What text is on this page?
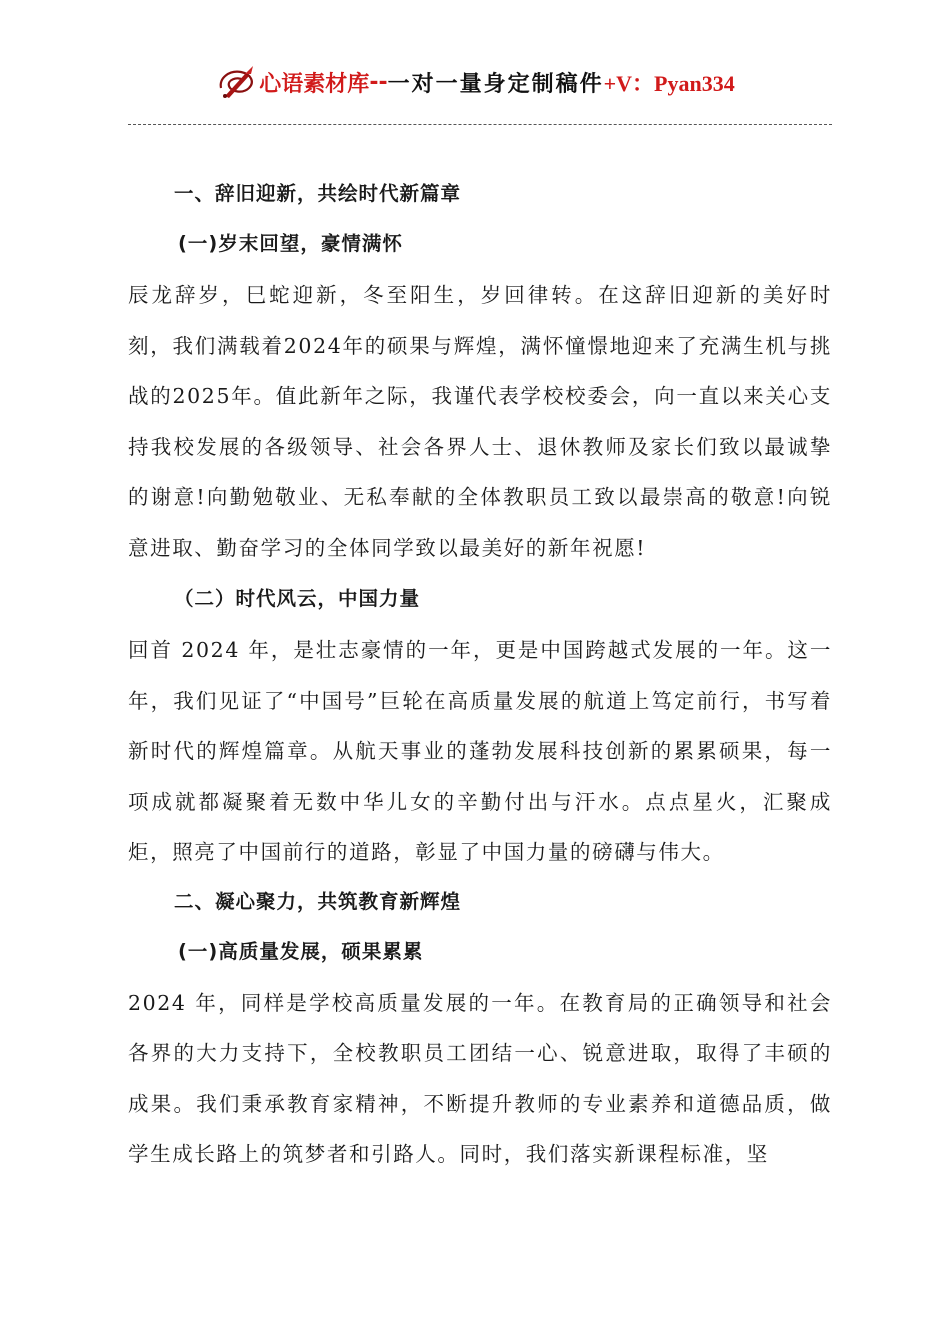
心语素材库 -- 一对一量身定制稿件 +V：Pyan334
一、辞旧迎新，共绘时代新篇章
(一)岁末回望，豪情满怀

辰龙辞岁，巳蛇迎新，冬至阳生，岁回律转。在这辞旧迎新的美好时刻，我们满载着2024年的硕果与辉煌，满怀憧憬地迎来了充满生机与挑战的2025年。值此新年之际，我谨代表学校校委会，向一直以来关心支持我校发展的各级领导、社会各界人士、退休教师及家长们致以最诚挚的谢意!向勤勉敬业、无私奉献的全体教职员工致以最崇高的敬意!向锐意进取、勤奋学习的全体同学致以最美好的新年祝愿!

（二）时代风云，中国力量

回首 2024 年，是壮志豪情的一年，更是中国跨越式发展的一年。这一年，我们见证了“中国号”巨轮在高质量发展的航道上笃定前行，书写着新时代的辉煌篇章。从航天事业的蓬勃发展科技创新的累累硕果，每一项成就都凝聚着无数中华儿女的辛勤付出与汗水。点点星火，汇聚成炬，照亮了中国前行的道路，彰显了中国力量的磅礴与伟大。

二、凝心聚力，共筑教育新辉煌
(一)高质量发展，硕果累累

2024 年，同样是学校高质量发展的一年。在教育局的正确领导和社会各界的大力支持下，全校教职员工团结一心、锐意进取，取得了丰硕的成果。我们秉承教育家精神，不断提升教师的专业素养和道德品质，做学生成长路上的筑梦者和引路人。同时，我们落实新课程标准，坚
